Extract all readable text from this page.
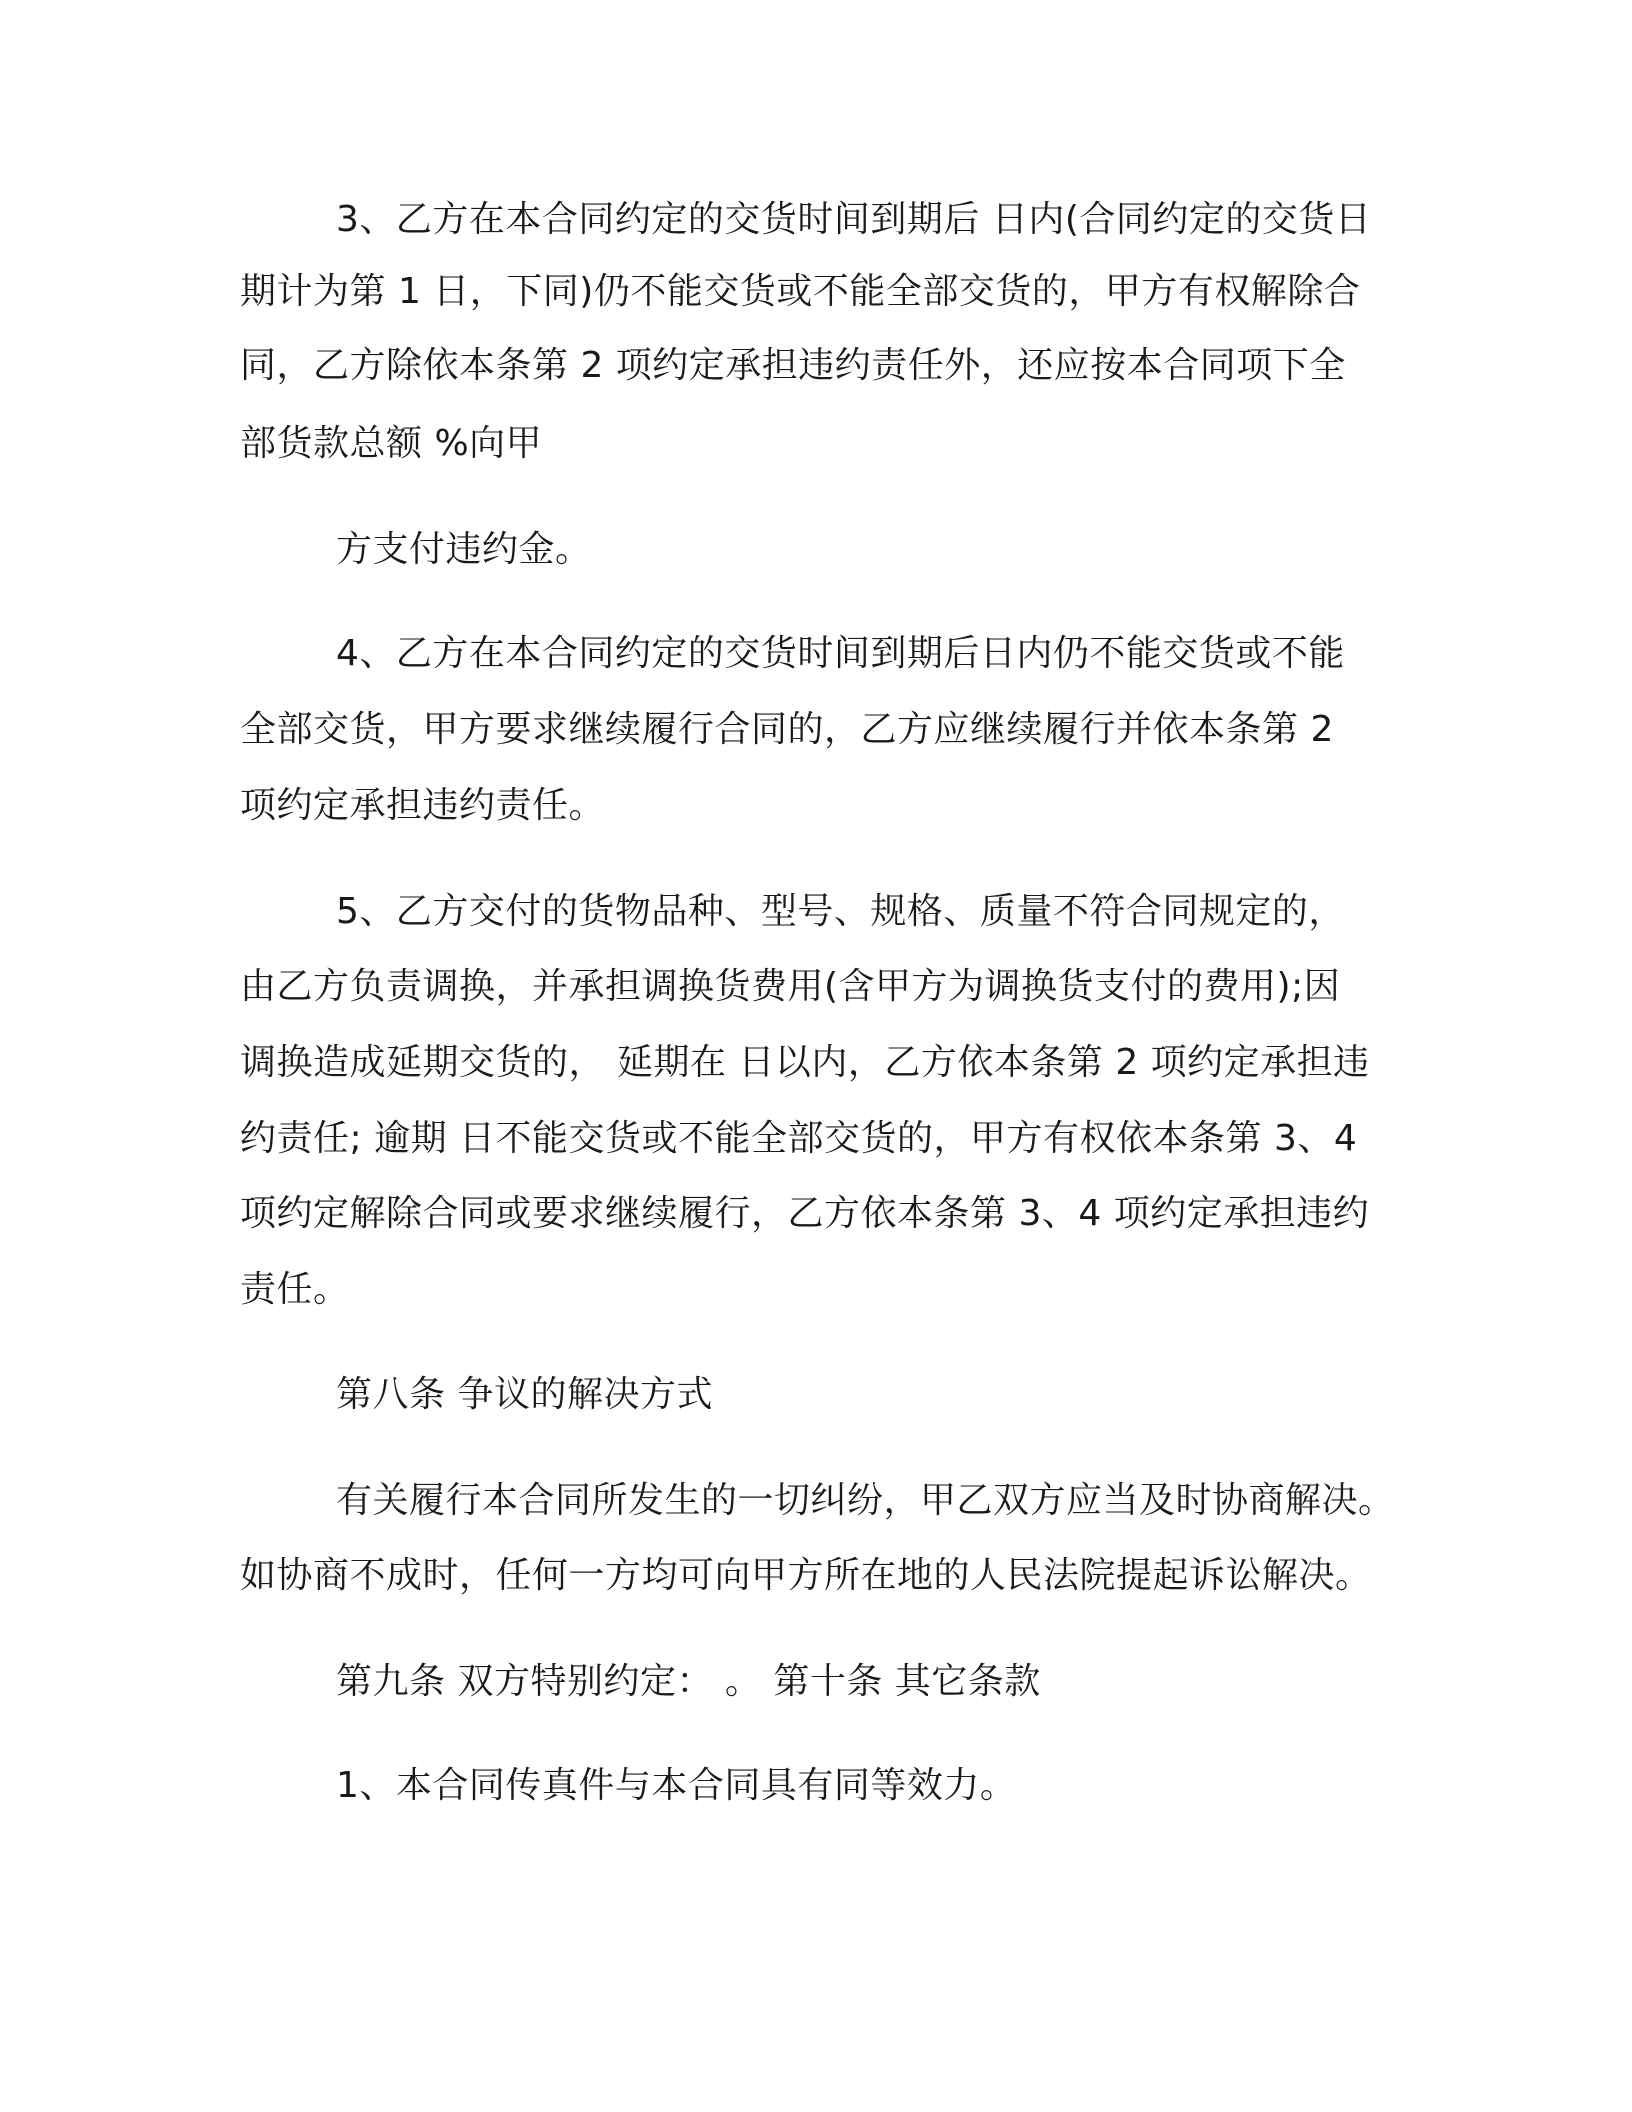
3、乙方在本合同约定的交货时间到期后 日内(合同约定的交货日
期计为第 1 日，下同)仍不能交货或不能全部交货的，甲方有权解除合
同，乙方除依本条第 2 项约定承担违约责任外，还应按本合同项下全
部货款总额 %向甲
方支付违约金。
4、乙方在本合同约定的交货时间到期后日内仍不能交货或不能
全部交货，甲方要求继续履行合同的，乙方应继续履行并依本条第 2
项约定承担违约责任。
5、乙方交付的货物品种、型号、规格、质量不符合同规定的，
由乙方负责调换，并承担调换货费用(含甲方为调换货支付的费用);因
调换造成延期交货的， 延期在 日以内，乙方依本条第 2 项约定承担违
约责任; 逾期 日不能交货或不能全部交货的，甲方有权依本条第 3、4
项约定解除合同或要求继续履行，乙方依本条第 3、4 项约定承担违约
责任。
第八条 争议的解决方式
有关履行本合同所发生的一切纠纷，甲乙双方应当及时协商解决。
如协商不成时，任何一方均可向甲方所在地的人民法院提起诉讼解决。
第九条 双方特别约定： 。 第十条 其它条款
1、本合同传真件与本合同具有同等效力。
